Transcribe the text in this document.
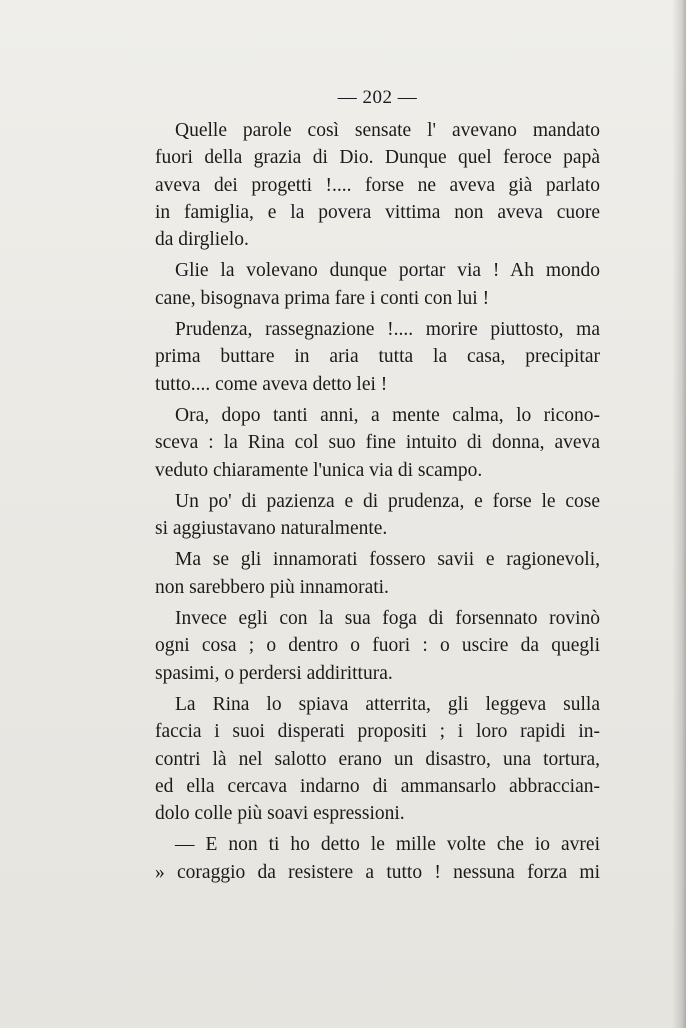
— 202 —
Quelle parole così sensate l' avevano mandato
fuori della grazia di Dio. Dunque quel feroce papà
aveva dei progetti !.... forse ne aveva già parlato
in famiglia, e la povera vittima non aveva cuore
da dirglielo.
Glie la volevano dunque portar via ! Ah mondo
cane, bisognava prima fare i conti con lui !
Prudenza, rassegnazione !.... morire piuttosto, ma
prima buttare in aria tutta la casa, precipitar
tutto.... come aveva detto lei !
Ora, dopo tanti anni, a mente calma, lo ricono-
sceva : la Rina col suo fine intuito di donna, aveva
veduto chiaramente l'unica via di scampo.
Un po' di pazienza e di prudenza, e forse le cose
si aggiustavano naturalmente.
Ma se gli innamorati fossero savii e ragionevoli,
non sarebbero più innamorati.
Invece egli con la sua foga di forsennato rovinò
ogni cosa ; o dentro o fuori : o uscire da quegli
spasimi, o perdersi addirittura.
La Rina lo spiava atterrita, gli leggeva sulla
faccia i suoi disperati propositi ; i loro rapidi in-
contri là nel salotto erano un disastro, una tortura,
ed ella cercava indarno di ammansarlo abbraccian-
dolo colle più soavi espressioni.
— E non ti ho detto le mille volte che io avrei
» coraggio da resistere a tutto ! nessuna forza mi
